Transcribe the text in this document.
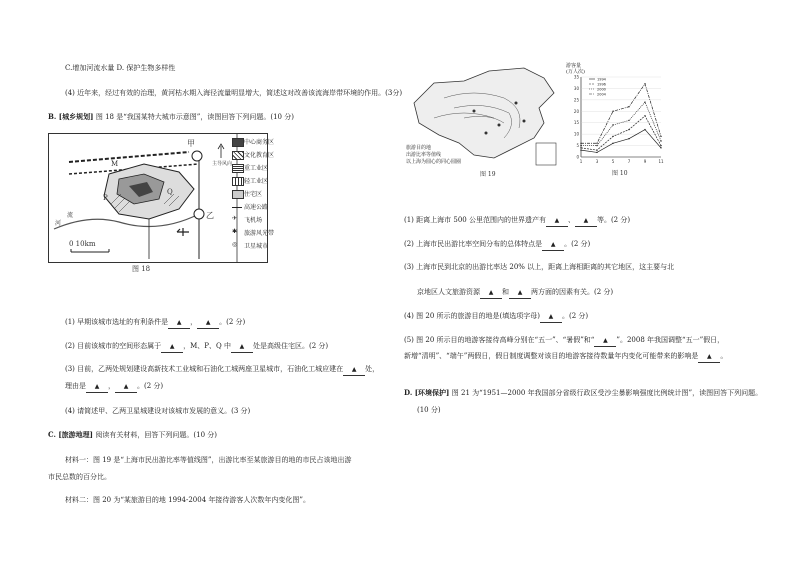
C.增加河流水量 D. 保护生物多样性
(4) 近年来，经过有效的治理，黄河枯水期入海径流量明显增大，简述这对改善该流海岸带环境的作用。(3分)
B. [城乡规划] 图 18 是“我国某特大城市示意图”，读图回答下列问题。(10 分)
甲
乙
M
P
Q
河
流
0 10km
主导风向
中心商务区
文化教育区
重工业区
轻工业区
住宅区
高速公路
✈ 飞机场
✱ 旅游风光带
◎ 卫星城市
图 18
(1) 早期该城市选址的有利条件是 ▲ ， ▲ 。(2 分)
(2) 目前该城市的空间形态属于 ▲ ，M、P、Q 中 ▲ 处是高级住宅区。(2 分)
(3) 目前，乙两处规划建设高新技术工业城和石油化工城两座卫星城市，石油化工城应建在 ▲ 处，
理由是 ▲ ， ▲ 。(2 分)
(4) 请简述甲、乙两卫星城建设对该城市发展的意义。(3 分)
C. [旅游地理] 阅读有关材料，回答下列问题。(10 分)
材料一：图 19 是“上海市民出游比率等值线图”，出游比率至某旅游目的地的市民占该地出游
市民总数的百分比。
材料二：图 20 为“某旅游目的地 1994-2004 年接待游客人次数年内变化图”。
旅游目的地
出游比率等值线
以上海为圆心的同心圆圈
图 19
0
5
10
15
20
25
30
35
1	3	5	7	9	11
1994
1996
2000
2004
游客量
(万人次)
图 10
(1) 距离上海市 500 公里范围内的世界遗产有 ▲ 、 ▲ 等。(2 分)
(2) 上海市民出游比率空间分布的总体特点是 ▲ 。(2 分)
(3) 上海市民到北京的出游比率达 20% 以上，距离上海相距离的其它地区，这主要与北
京地区人文旅游资源 ▲ 和 ▲ 两方面的因素有关。(2 分)
(4) 图 20 所示的旅游目的地是(填选项字母) ▲ 。(2 分)
(5) 图 20 所示目的地游客接待高峰分别在“五一”、“暑假”和“ ▲ ”。2008 年我国调整“五一”假日，
新增“清明”、“端午”两假日，假日制度调整对该目的地游客接待数量年内变化可能带来的影响是 ▲ 。
D. [环境保护] 图 21 为“1951—2000 年我国部分省级行政区受沙尘暴影响强度比例统计图”，读图回答下列问题。
(10 分)
